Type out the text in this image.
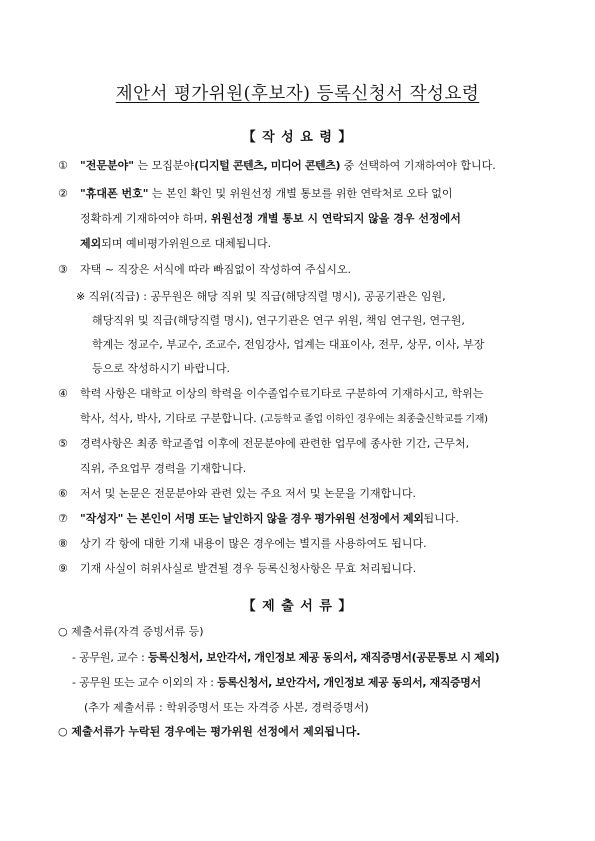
제안서 평가위원(후보자) 등록신청서 작성요령
【 작 성 요 령 】
① "전문분야" 는 모집분야(디지털 콘텐츠, 미디어 콘텐츠) 중 선택하여 기재하여야 합니다.
② "휴대폰 번호" 는 본인 확인 및 위원선정 개별 통보를 위한 연락처로 오타 없이
정확하게 기재하여야 하며, 위원선정 개별 통보 시 연락되지 않을 경우 선정에서
제외되며 예비평가위원으로 대체됩니다.
③ 자택 ~ 직장은 서식에 따라 빠짐없이 작성하여 주십시오.
※ 직위(직급) : 공무원은 해당 직위 및 직급(해당직렬 명시), 공공기관은 임원,
해당직위 및 직급(해당직렬 명시), 연구기관은 연구 위원, 책임 연구원, 연구원,
학계는 정교수, 부교수, 조교수, 전임강사, 업계는 대표이사, 전무, 상무, 이사, 부장
등으로 작성하시기 바랍니다.
④ 학력 사항은 대학교 이상의 학력을 이수졸업수료기타로 구분하여 기재하시고, 학위는
학사, 석사, 박사, 기타로 구분합니다. (고등학교 졸업 이하인 경우에는 최종출신학교를 기재)
⑤ 경력사항은 최종 학교졸업 이후에 전문분야에 관련한 업무에 종사한 기간, 근무처,
직위, 주요업무 경력을 기재합니다.
⑥ 저서 및 논문은 전문분야와 관련 있는 주요 저서 및 논문을 기재합니다.
⑦ "작성자" 는 본인이 서명 또는 날인하지 않을 경우 평가위원 선정에서 제외됩니다.
⑧ 상기 각 항에 대한 기재 내용이 많은 경우에는 별지를 사용하여도 됩니다.
⑨ 기재 사실이 허위사실로 발견될 경우 등록신청사항은 무효 처리됩니다.
【 제 출 서 류 】
○ 제출서류(자격 증빙서류 등)
- 공무원, 교수 : 등록신청서, 보안각서, 개인정보 제공 동의서, 재직증명서(공문통보 시 제외)
- 공무원 또는 교수 이외의 자 : 등록신청서, 보안각서, 개인정보 제공 동의서, 재직증명서
(추가 제출서류 : 학위증명서 또는 자격증 사본, 경력증명서)
○ 제출서류가 누락된 경우에는 평가위원 선정에서 제외됩니다.
